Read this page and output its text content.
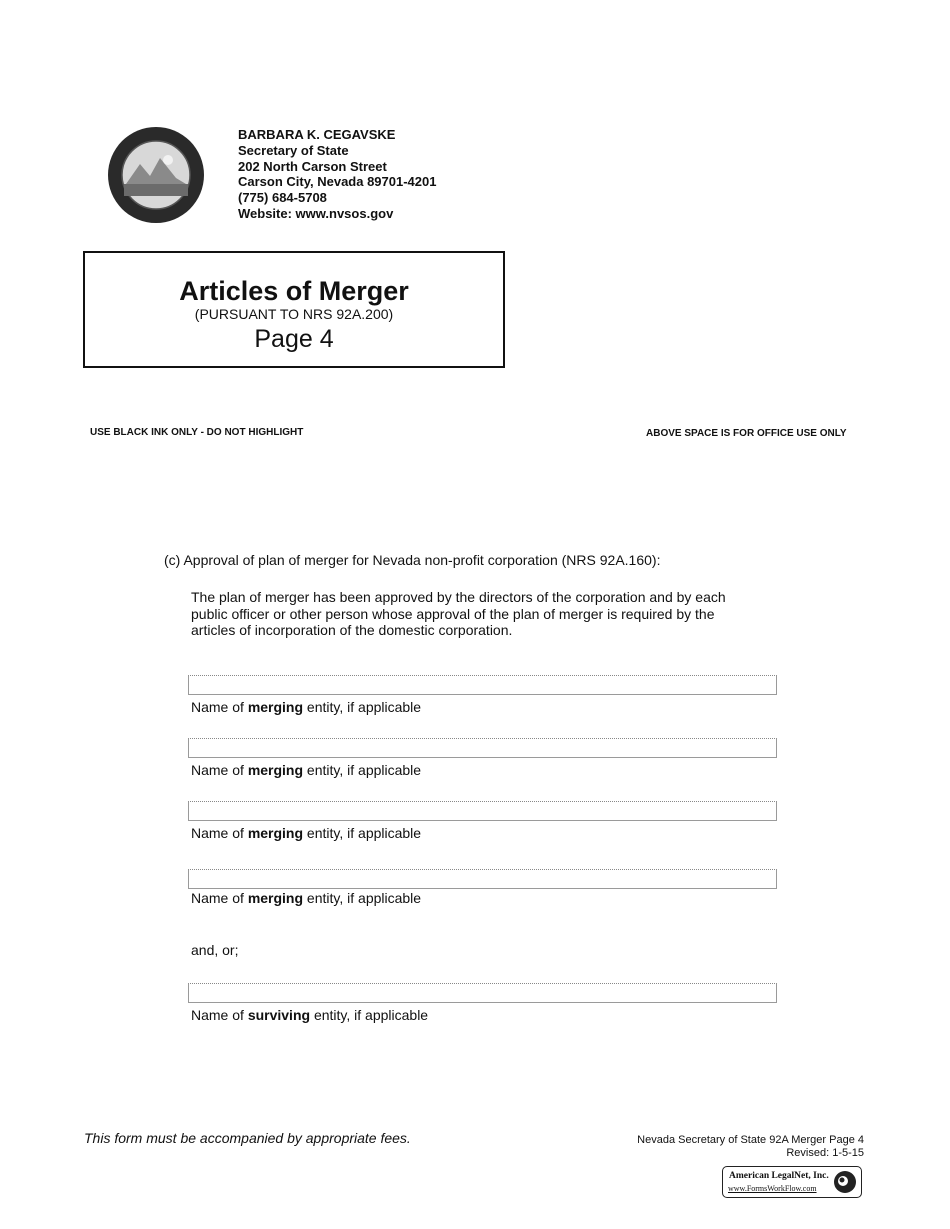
BARBARA K. CEGAVSKE
Secretary of State
202 North Carson Street
Carson City, Nevada 89701-4201
(775) 684-5708
Website: www.nvsos.gov
Articles of Merger
(PURSUANT TO NRS 92A.200)
Page 4
USE BLACK INK ONLY - DO NOT HIGHLIGHT	ABOVE SPACE IS FOR OFFICE USE ONLY
(c) Approval of plan of merger for Nevada non-profit corporation (NRS 92A.160):
The plan of merger has been approved by the directors of the corporation and by each public officer or other person whose approval of the plan of merger is required by the articles of incorporation of the domestic corporation.
Name of merging entity, if applicable
Name of merging entity, if applicable
Name of merging entity, if applicable
Name of merging entity, if applicable
and, or;
Name of surviving entity, if applicable
This form must be accompanied by appropriate fees.	Nevada Secretary of State 92A Merger Page 4
Revised: 1-5-15
American LegalNet, Inc.
www.FormsWorkFlow.com
